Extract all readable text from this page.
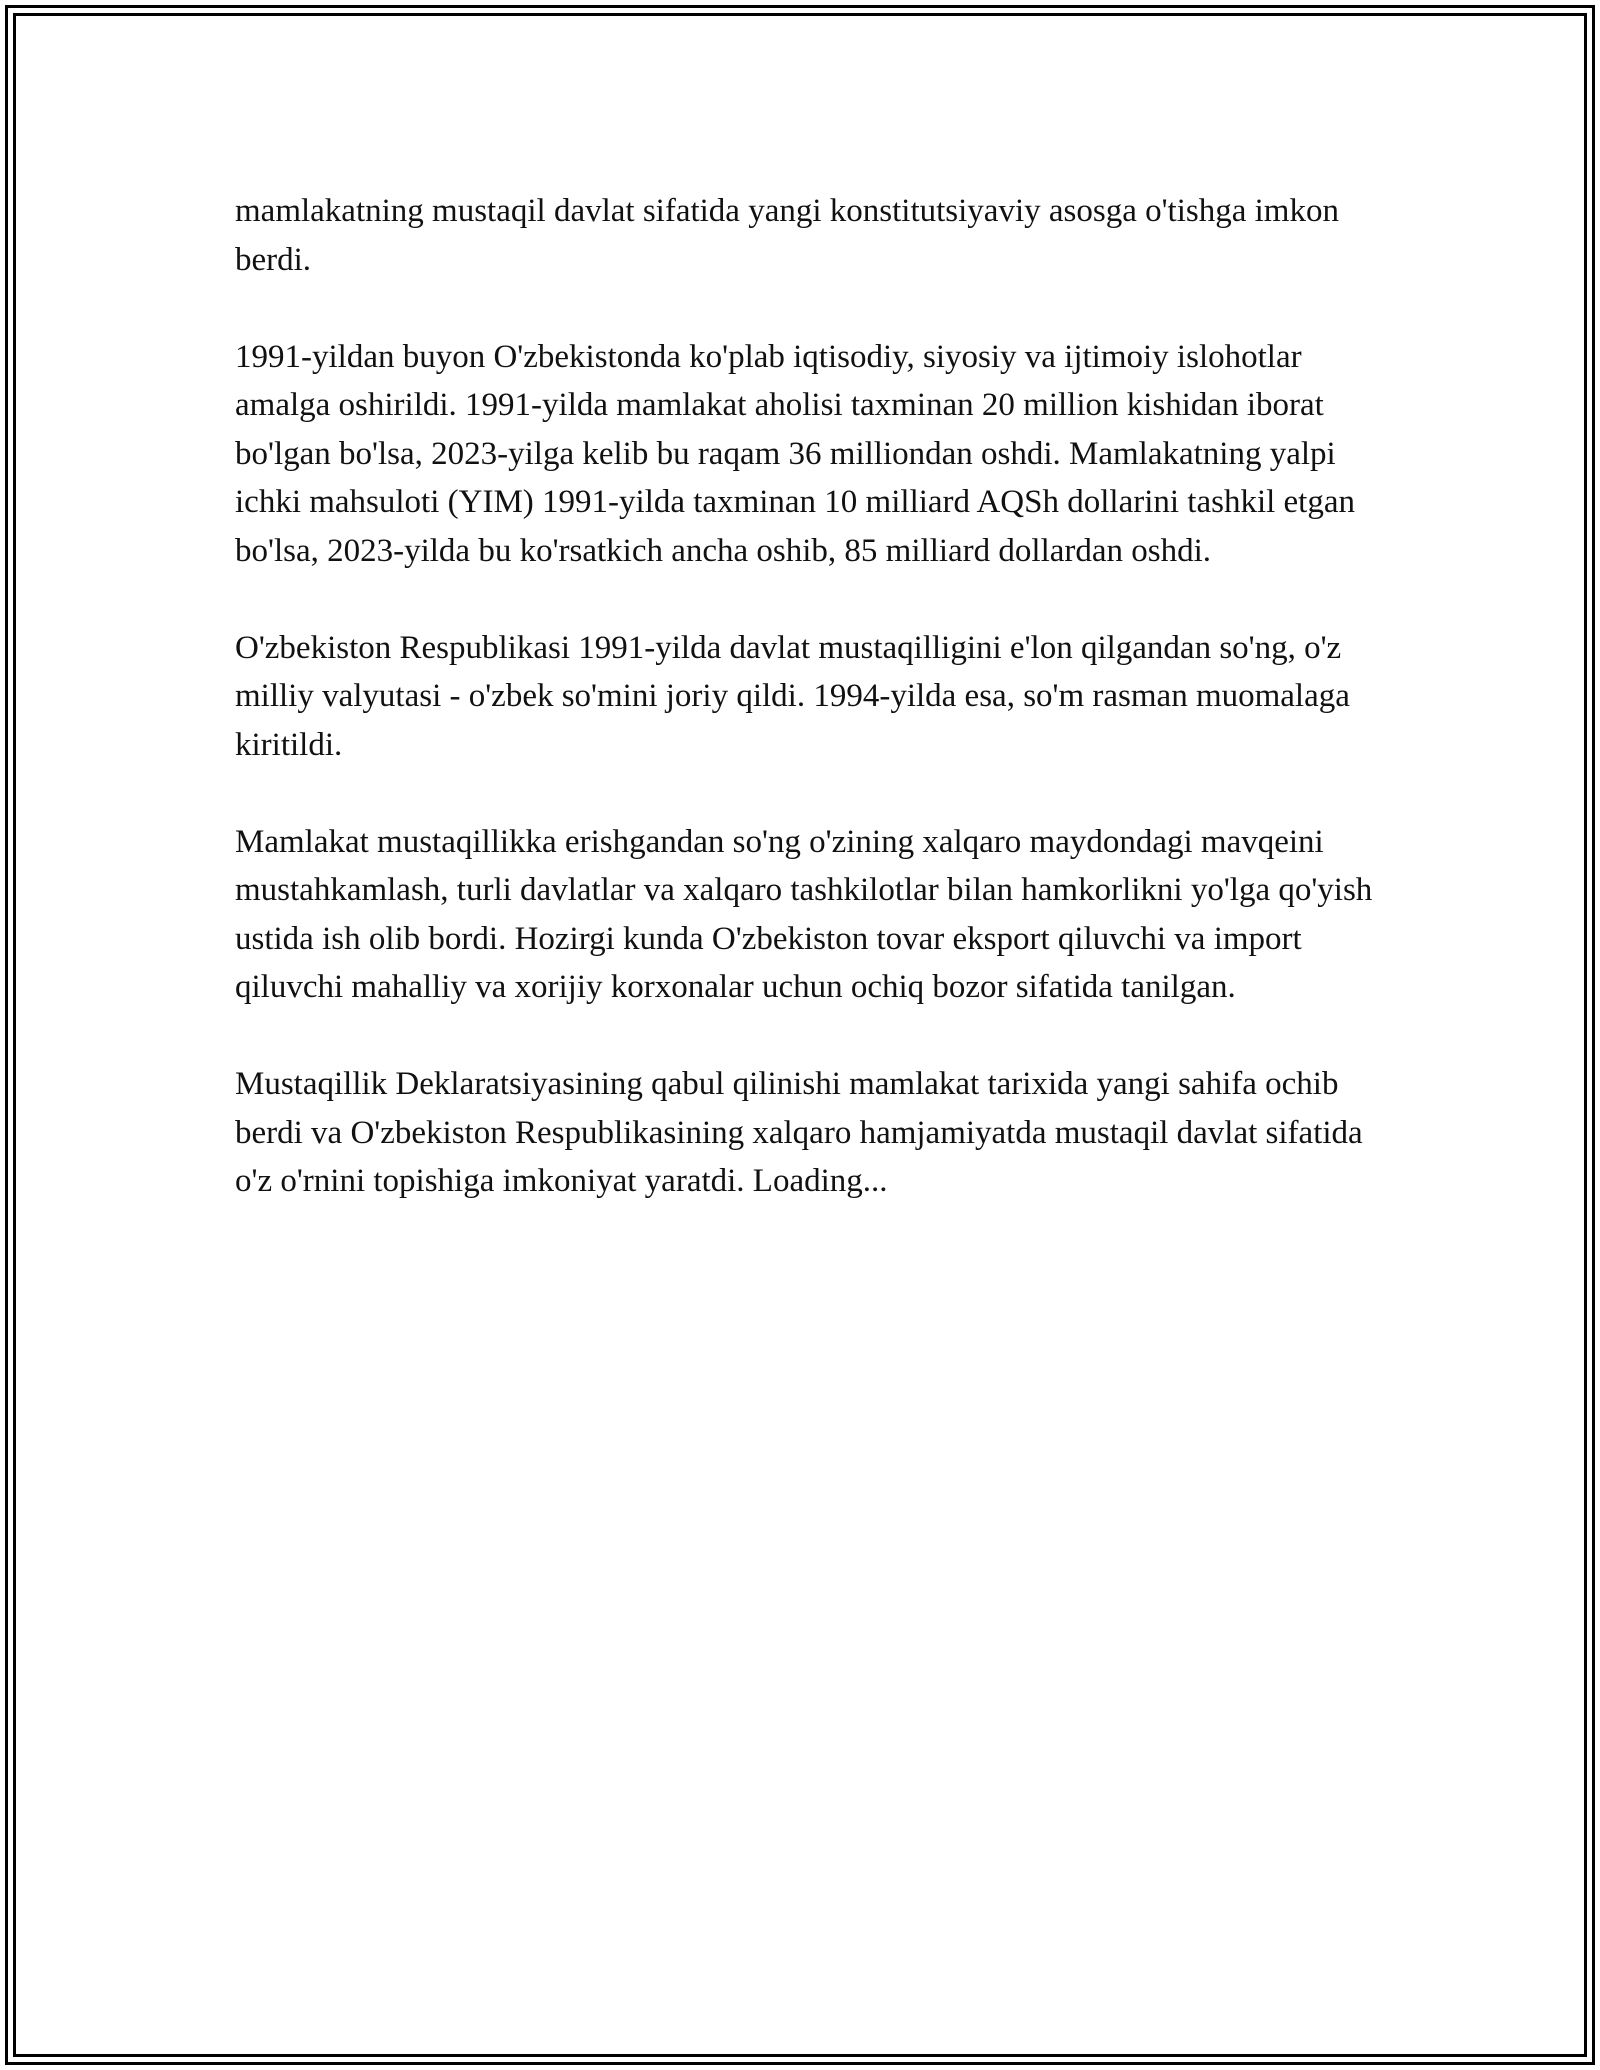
mamlakatning mustaqil davlat sifatida yangi konstitutsiyaviy asosga o'tishga imkon berdi.

1991-yildan buyon O'zbekistonda ko'plab iqtisodiy, siyosiy va ijtimoiy islohotlar amalga oshirildi. 1991-yilda mamlakat aholisi taxminan 20 million kishidan iborat bo'lgan bo'lsa, 2023-yilga kelib bu raqam 36 milliondan oshdi. Mamlakatning yalpi ichki mahsuloti (YIM) 1991-yilda taxminan 10 milliard AQSh dollarini tashkil etgan bo'lsa, 2023-yilda bu ko'rsatkich ancha oshib, 85 milliard dollardan oshdi.

O'zbekiston Respublikasi 1991-yilda davlat mustaqilligini e'lon qilgandan so'ng, o'z milliy valyutasi - o'zbek so'mini joriy qildi. 1994-yilda esa, so'm rasman muomalaga kiritildi.

Mamlakat mustaqillikka erishgandan so'ng o'zining xalqaro maydondagi mavqeini mustahkamlash, turli davlatlar va xalqaro tashkilotlar bilan hamkorlikni yo'lga qo'yish ustida ish olib bordi. Hozirgi kunda O'zbekiston tovar eksport qiluvchi va import qiluvchi mahalliy va xorijiy korxonalar uchun ochiq bozor sifatida tanilgan.

Mustaqillik Deklaratsiyasining qabul qilinishi mamlakat tarixida yangi sahifa ochib berdi va O'zbekiston Respublikasining xalqaro hamjamiyatda mustaqil davlat sifatida o'z o'rnini topishiga imkoniyat yaratdi. Loading...
